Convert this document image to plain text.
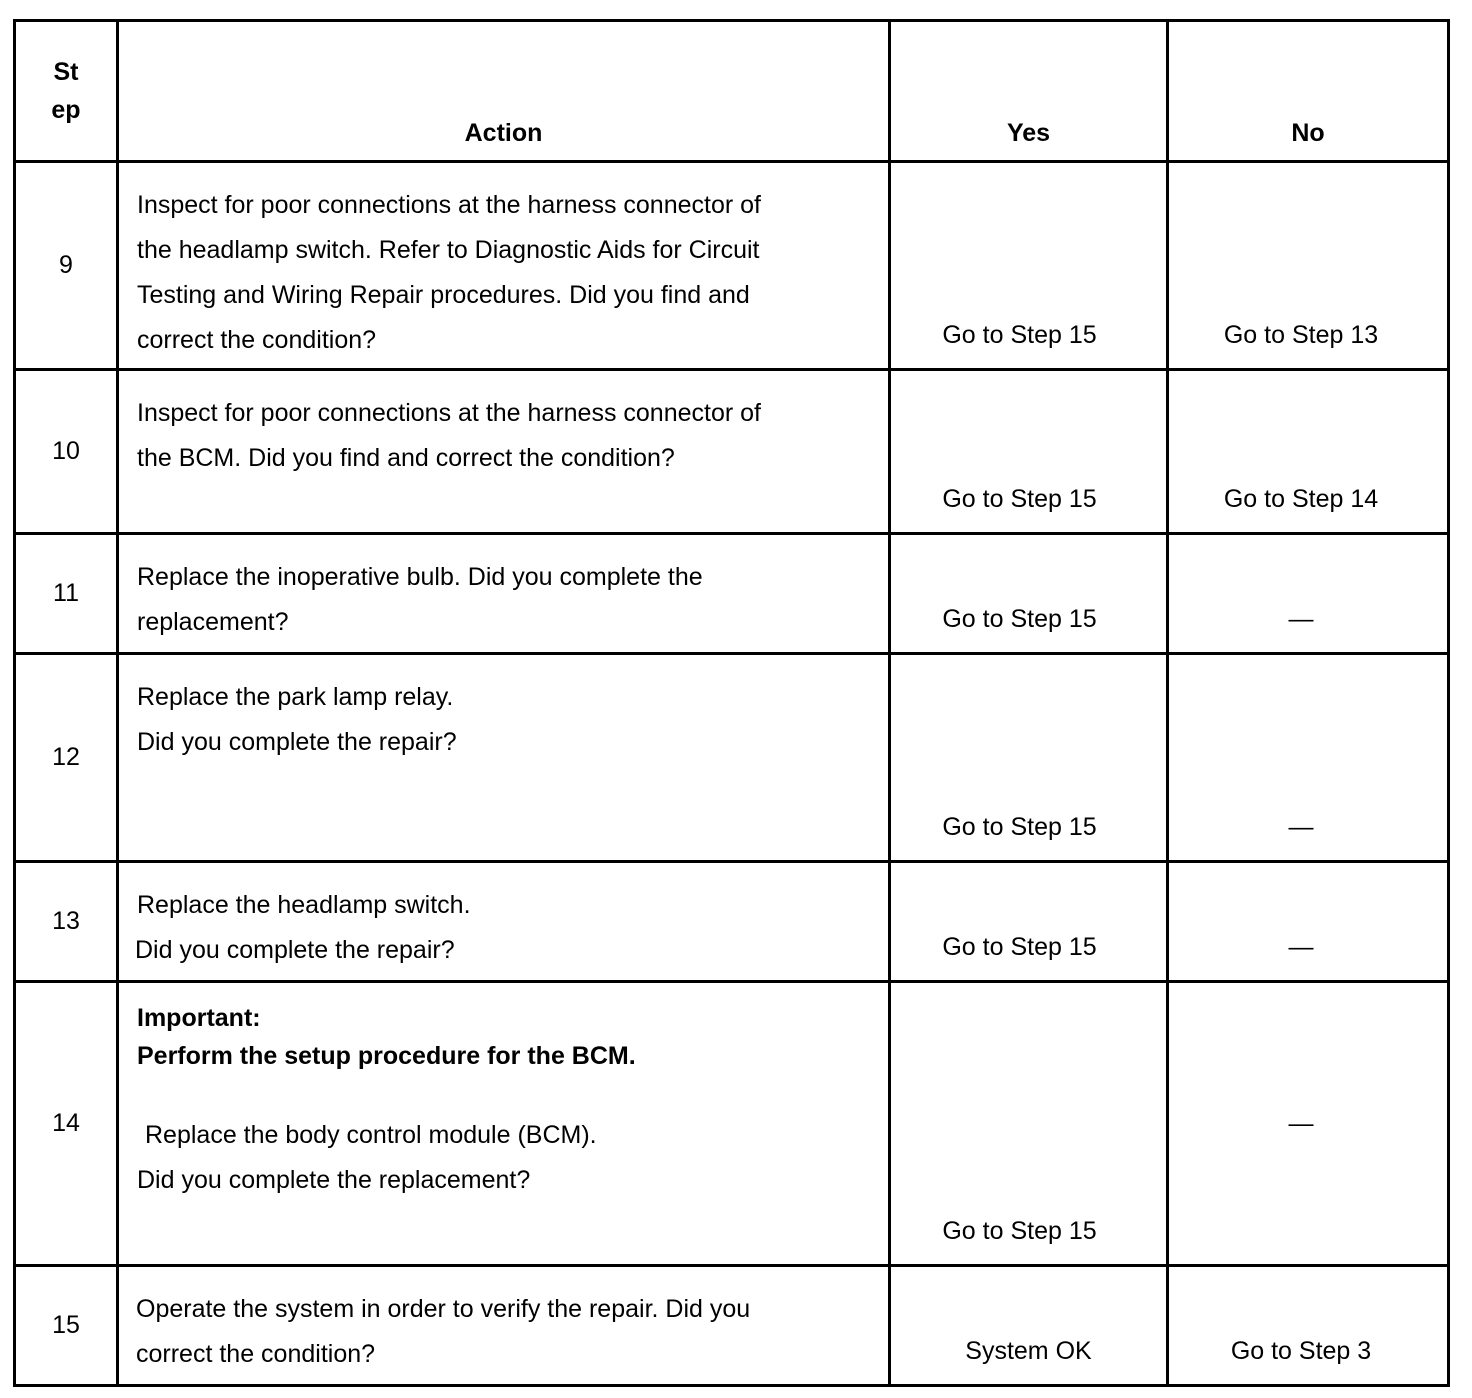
St
ep	Action	Yes	No

9	Inspect for poor connections at the harness connector of
the headlamp switch. Refer to Diagnostic Aids for Circuit
Testing and Wiring Repair procedures. Did you find and
correct the condition?	Go to Step 15	Go to Step 13

10	Inspect for poor connections at the harness connector of
the BCM. Did you find and correct the condition?	Go to Step 15	Go to Step 14

11	Replace the inoperative bulb. Did you complete the
replacement?	Go to Step 15	—

12	Replace the park lamp relay.
Did you complete the repair?	Go to Step 15	—

13	Replace the headlamp switch.
Did you complete the repair?	Go to Step 15	—

14	Important:
Perform the setup procedure for the BCM.
Replace the body control module (BCM).
Did you complete the replacement?	Go to Step 15	—

15	Operate the system in order to verify the repair. Did you
correct the condition?	System OK	Go to Step 3
